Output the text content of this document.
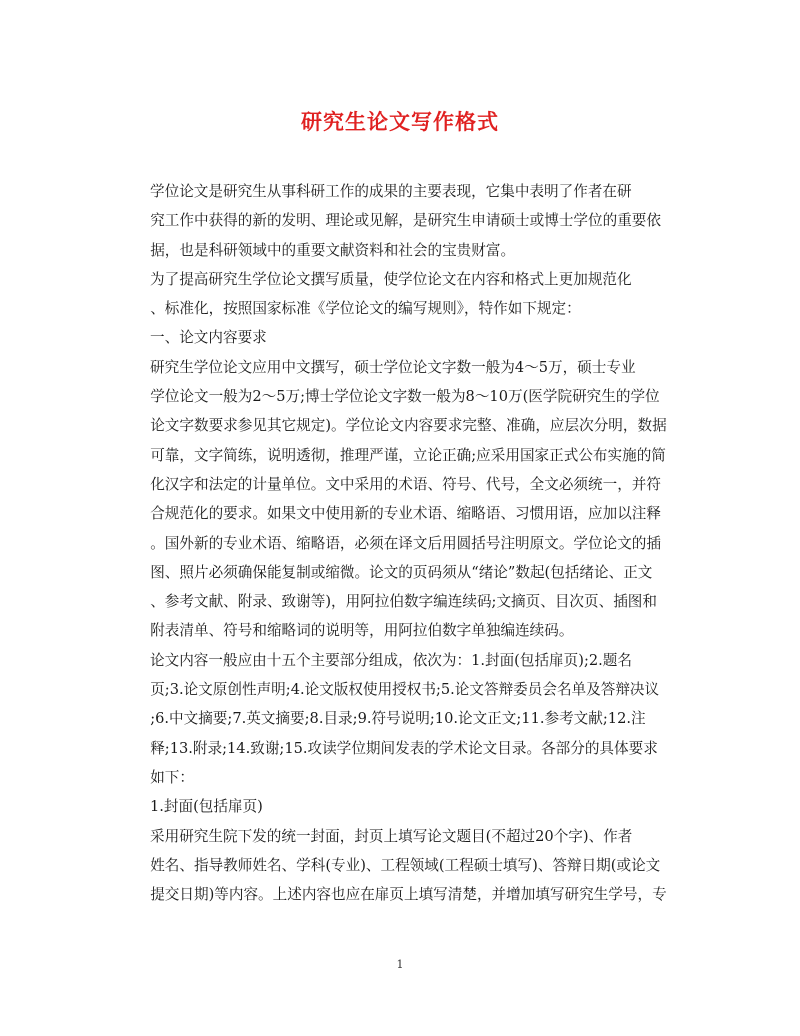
研究生论文写作格式
学位论文是研究生从事科研工作的成果的主要表现，它集中表明了作者在研
究工作中获得的新的发明、理论或见解，是研究生申请硕士或博士学位的重要依
据，也是科研领域中的重要文献资料和社会的宝贵财富。
为了提高研究生学位论文撰写质量，使学位论文在内容和格式上更加规范化
、标准化，按照国家标准《学位论文的编写规则》，特作如下规定：
一、论文内容要求
研究生学位论文应用中文撰写，硕士学位论文字数一般为4～5万，硕士专业
学位论文一般为2～5万;博士学位论文字数一般为8～10万(医学院研究生的学位
论文字数要求参见其它规定)。学位论文内容要求完整、准确，应层次分明，数据
可靠，文字简练，说明透彻，推理严谨，立论正确;应采用国家正式公布实施的简
化汉字和法定的计量单位。文中采用的术语、符号、代号，全文必须统一，并符
合规范化的要求。如果文中使用新的专业术语、缩略语、习惯用语，应加以注释
。国外新的专业术语、缩略语，必须在译文后用圆括号注明原文。学位论文的插
图、照片必须确保能复制或缩微。论文的页码须从“绪论”数起(包括绪论、正文
、参考文献、附录、致谢等)，用阿拉伯数字编连续码;文摘页、目次页、插图和
附表清单、符号和缩略词的说明等，用阿拉伯数字单独编连续码。
论文内容一般应由十五个主要部分组成，依次为：1.封面(包括扉页);2.题名
页;3.论文原创性声明;4.论文版权使用授权书;5.论文答辩委员会名单及答辩决议
;6.中文摘要;7.英文摘要;8.目录;9.符号说明;10.论文正文;11.参考文献;12.注
释;13.附录;14.致谢;15.攻读学位期间发表的学术论文目录。各部分的具体要求
如下：
1.封面(包括扉页)
采用研究生院下发的统一封面，封页上填写论文题目(不超过20个字)、作者
姓名、指导教师姓名、学科(专业)、工程领域(工程硕士填写)、答辩日期(或论文
提交日期)等内容。上述内容也应在扉页上填写清楚，并增加填写研究生学号，专
1
